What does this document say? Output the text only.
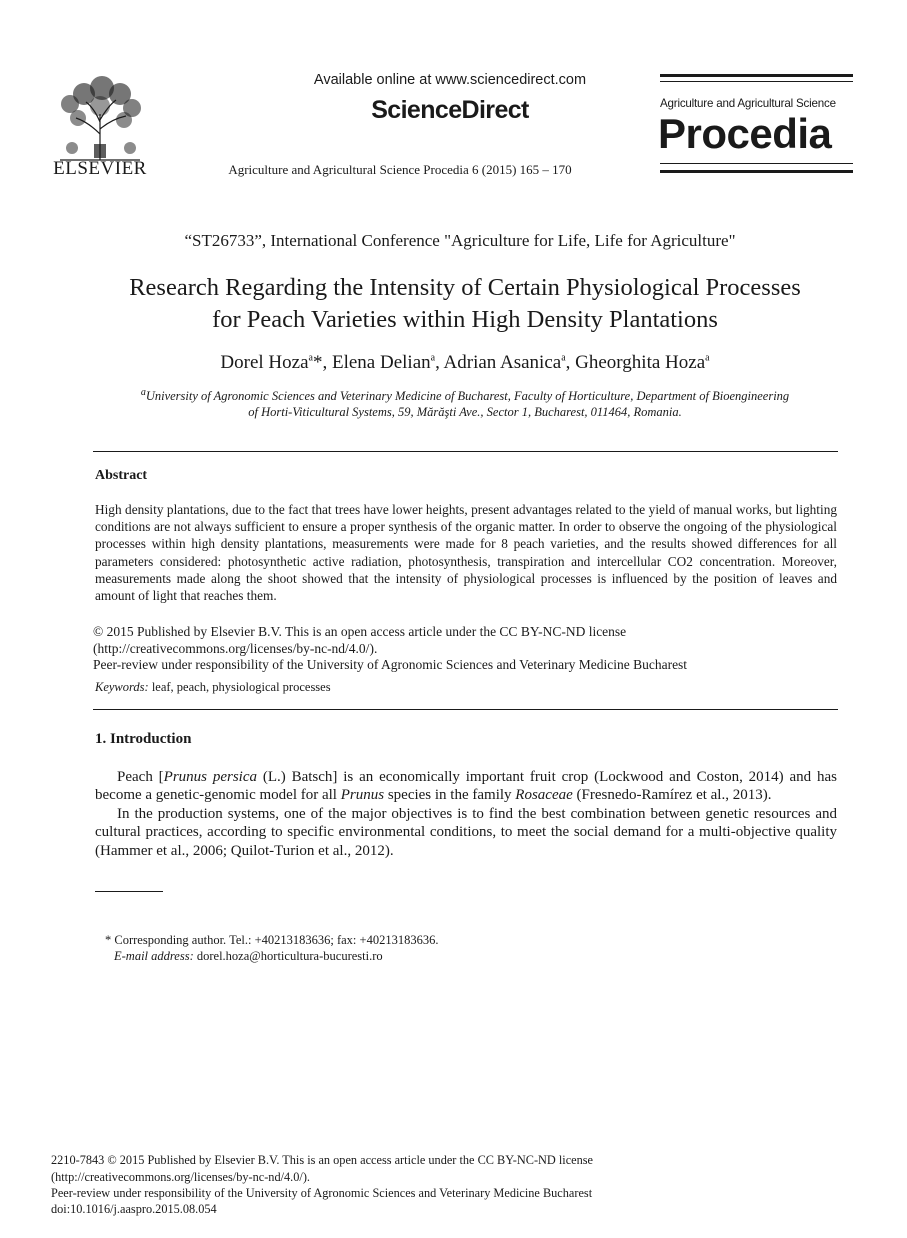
ELSEVIER
Available online at www.sciencedirect.com
ScienceDirect
Agriculture and Agricultural Science Procedia 6 (2015) 165 – 170
Agriculture and Agricultural Science
Procedia
“ST26733”, International Conference "Agriculture for Life, Life for Agriculture"
Research Regarding the Intensity of Certain Physiological Processes
for Peach Varieties within High Density Plantations
Dorel Hoza$^a$*, Elena Delian$^a$, Adrian Asanica$^a$, Gheorghita Hoza$^a$
$^a$University of Agronomic Sciences and Veterinary Medicine of Bucharest, Faculty of Horticulture, Department of Bioengineering
of Horti-Viticultural Systems, 59, Mărăşti Ave., Sector 1, Bucharest, 011464, Romania.
Abstract
High density plantations, due to the fact that trees have lower heights, present advantages related to the yield of manual works, but lighting conditions are not always sufficient to ensure a proper synthesis of the organic matter. In order to observe the ongoing of the physiological processes within high density plantations, measurements were made for 8 peach varieties, and the results showed differences for all parameters considered: photosynthetic active radiation, photosynthesis, transpiration and intercellular CO2 concentration. Moreover, measurements made along the shoot showed that the intensity of physiological processes is influenced by the position of leaves and amount of light that reaches them.
© 2015 Published by Elsevier B.V. This is an open access article under the CC BY-NC-ND license
(http://creativecommons.org/licenses/by-nc-nd/4.0/).
Peer-review under responsibility of the University of Agronomic Sciences and Veterinary Medicine Bucharest
Keywords: leaf, peach, physiological processes
1. Introduction
Peach [Prunus persica (L.) Batsch] is an economically important fruit crop (Lockwood and Coston, 2014) and has become a genetic-genomic model for all Prunus species in the family Rosaceae (Fresnedo-Ramírez et al., 2013).
In the production systems, one of the major objectives is to find the best combination between genetic resources and cultural practices, according to specific environmental conditions, to meet the social demand for a multi-objective quality (Hammer et al., 2006; Quilot-Turion et al., 2012).
* Corresponding author. Tel.: +40213183636; fax: +40213183636.
E-mail address: dorel.hoza@horticultura-bucuresti.ro
2210-7843 © 2015 Published by Elsevier B.V. This is an open access article under the CC BY-NC-ND license
(http://creativecommons.org/licenses/by-nc-nd/4.0/).
Peer-review under responsibility of the University of Agronomic Sciences and Veterinary Medicine Bucharest
doi:10.1016/j.aaspro.2015.08.054
